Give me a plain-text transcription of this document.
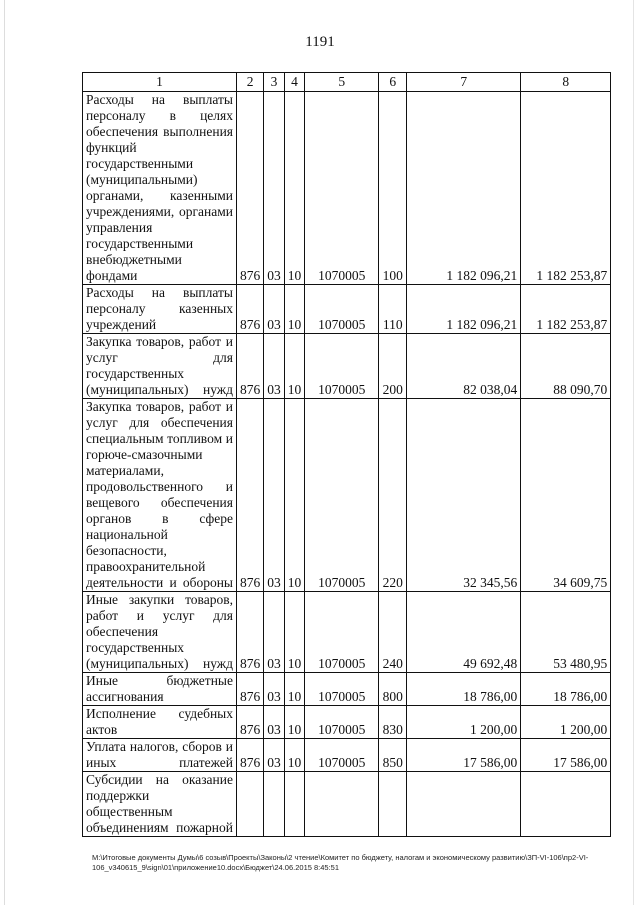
1191
1	2	3	4	5	6	7	8
Расходы на выплаты персоналу в целях обеспечения выполнения функций государственными (муниципальными) органами, казенными учреждениями, органами управления государственными внебюджетными фондами	876	03	10	1070005	100	1 182 096,21	1 182 253,87
Расходы на выплаты персоналу казенных учреждений	876	03	10	1070005	110	1 182 096,21	1 182 253,87
Закупка товаров, работ и услуг для государственных (муниципальных) нужд	876	03	10	1070005	200	82 038,04	88 090,70
Закупка товаров, работ и услуг для обеспечения специальным топливом и горюче-смазочными материалами, продовольственного и вещевого обеспечения органов в сфере национальной безопасности, правоохранительной деятельности и обороны	876	03	10	1070005	220	32 345,56	34 609,75
Иные закупки товаров, работ и услуг для обеспечения государственных (муниципальных) нужд	876	03	10	1070005	240	49 692,48	53 480,95
Иные бюджетные ассигнования	876	03	10	1070005	800	18 786,00	18 786,00
Исполнение судебных актов	876	03	10	1070005	830	1 200,00	1 200,00
Уплата налогов, сборов и иных платежей	876	03	10	1070005	850	17 586,00	17 586,00
Субсидии на оказание поддержки общественным объединениям пожарной							
M:\Итоговые документы Думы\6 созыв\Проекты\Законы\2 чтение\Комитет по бюджету, налогам и экономическому развитию\ЗП-VI-106\пр2-VI-106_v340615_9\sign\01\приложение10.docx\Бюджет\24.06.2015 8:45:51
